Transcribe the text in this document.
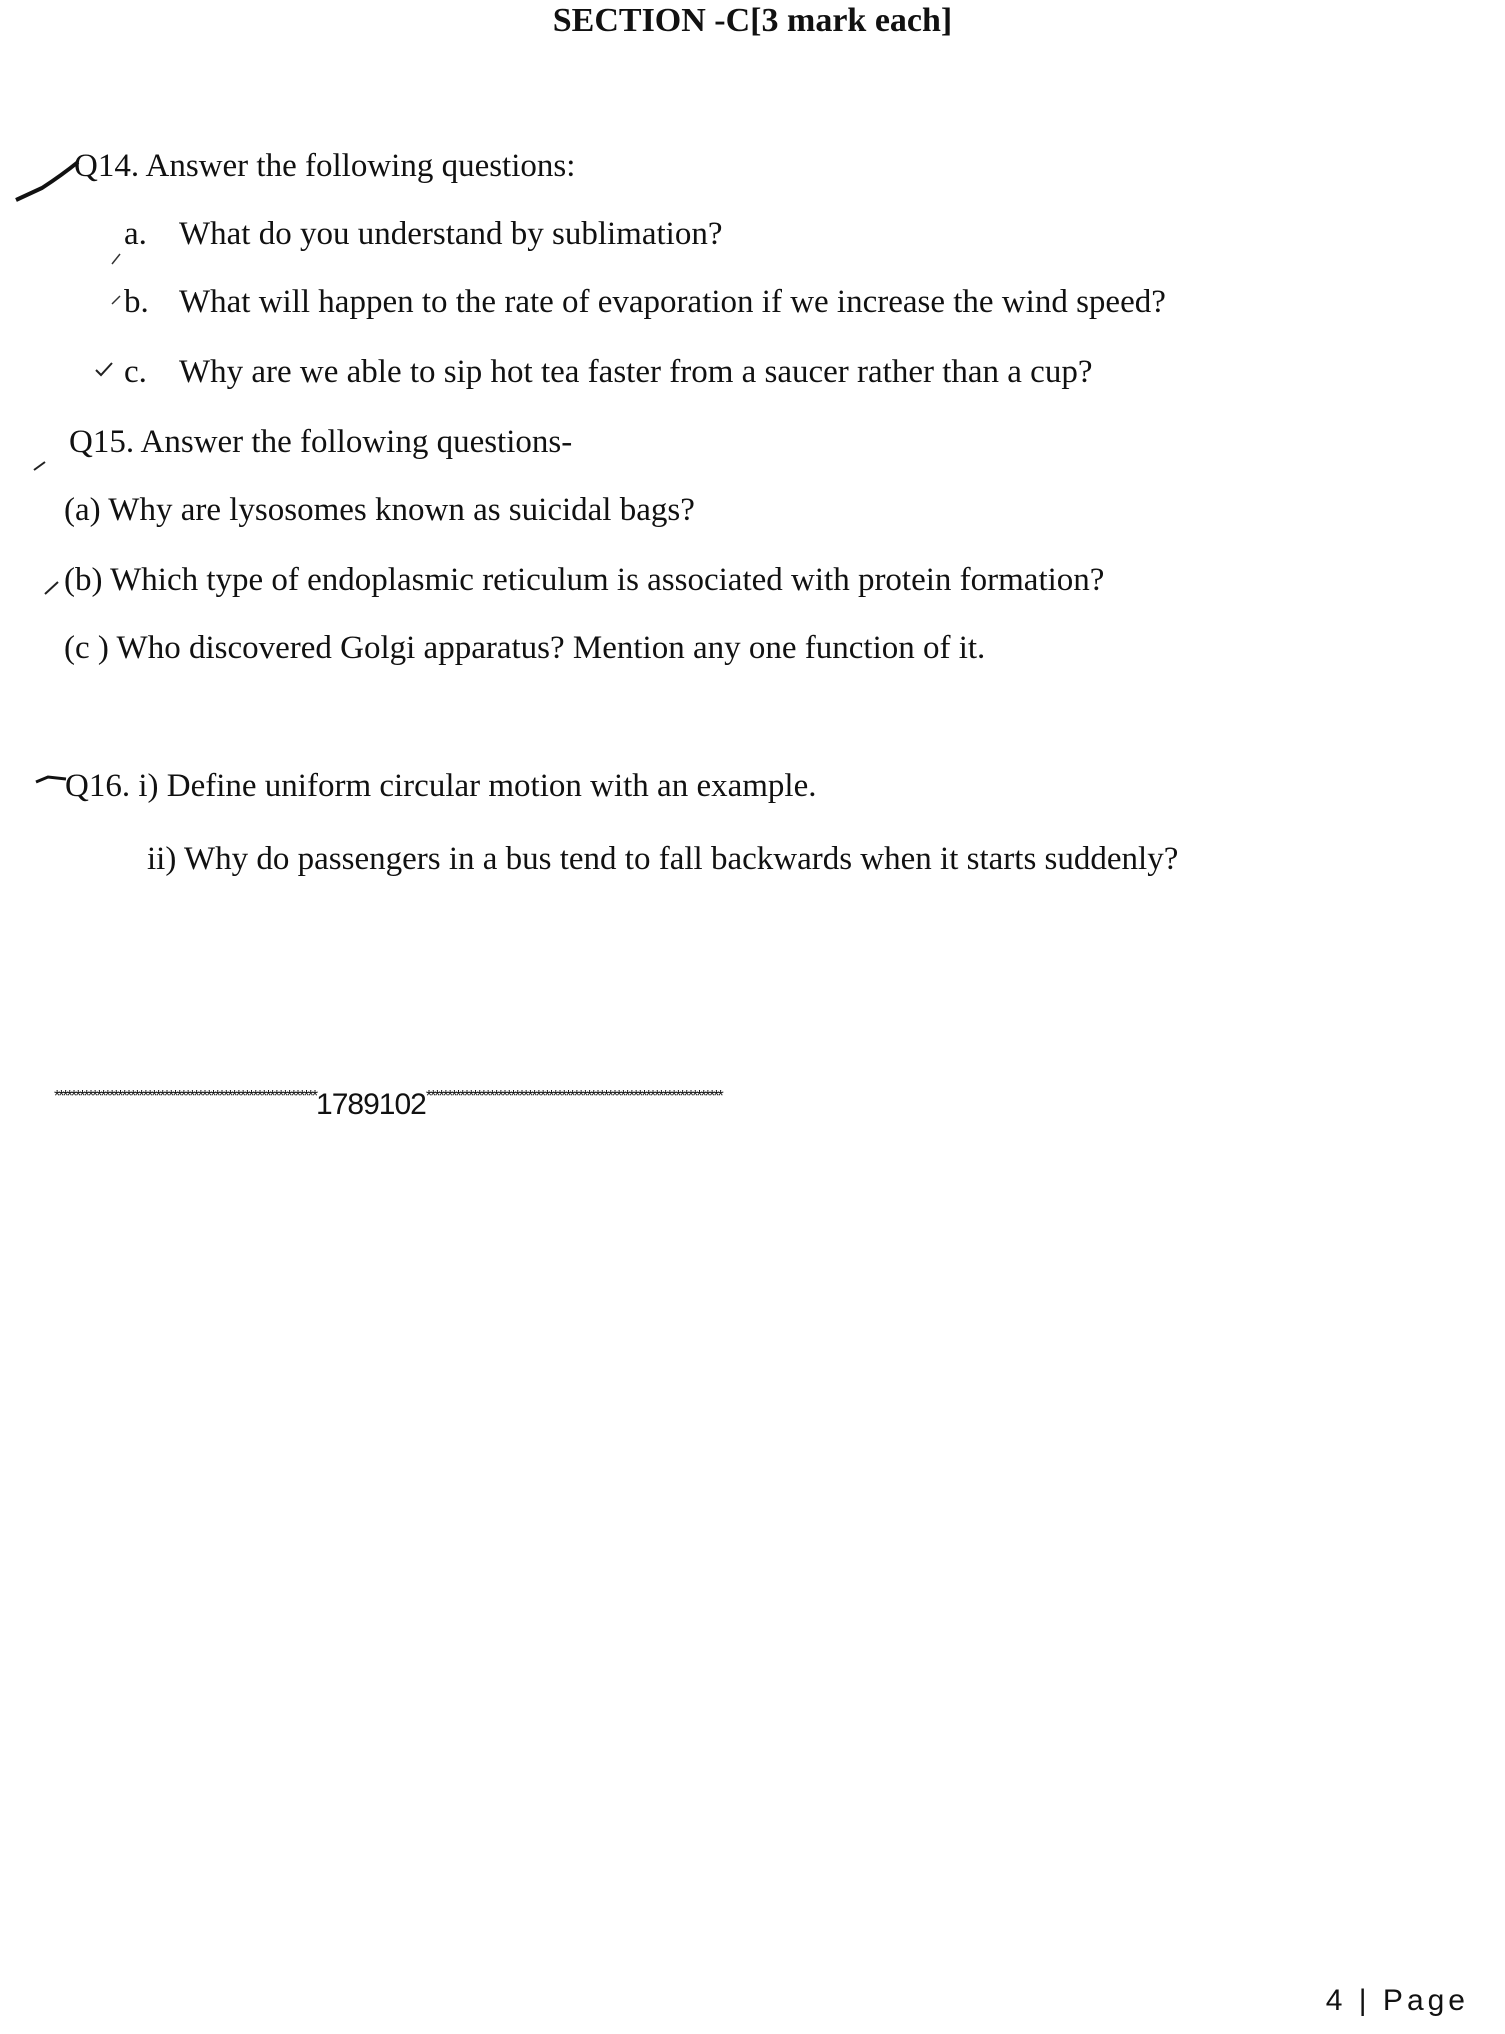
SECTION -C[3 mark each]
Q14. Answer the following questions:
a. What do you understand by sublimation?
b. What will happen to the rate of evaporation if we increase the wind speed?
c. Why are we able to sip hot tea faster from a saucer rather than a cup?
Q15. Answer the following questions-
(a) Why are lysosomes known as suicidal bags?
(b) Which type of endoplasmic reticulum is associated with protein formation?
(c ) Who discovered Golgi apparatus? Mention any one function of it.
Q16. i) Define uniform circular motion with an example.
ii) Why do passengers in a bus tend to fall backwards when it starts suddenly?
**************************************************************1789102**********************************************************************
4 | Page
